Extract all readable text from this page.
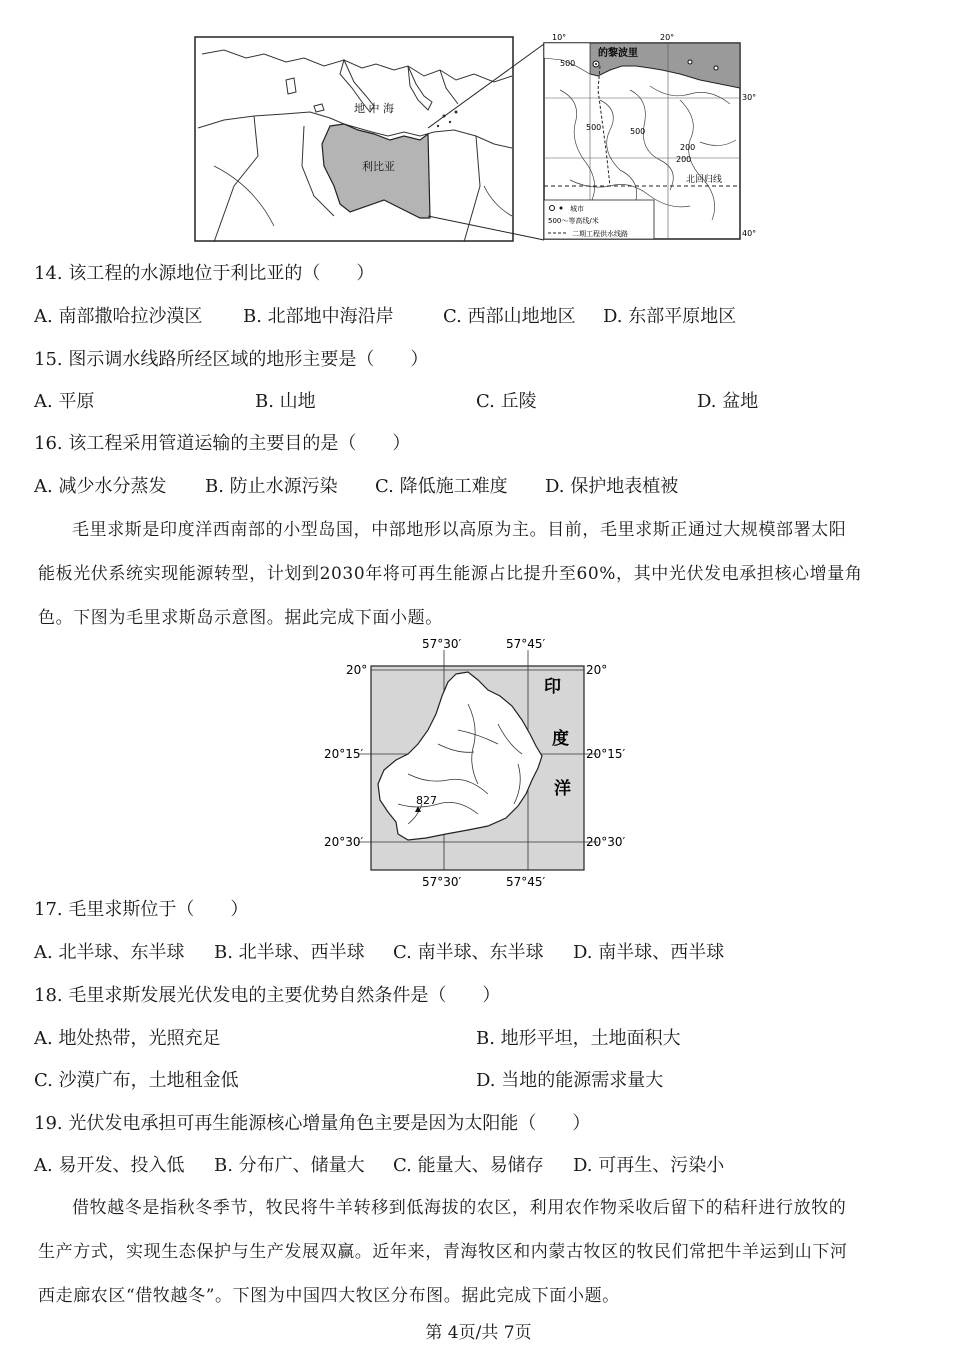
地 中 海
利比亚
10°	20°
30°
40°
的黎波里
500
500
200
200
500
北回归线
城市
500～等高线/米
二期工程供水线路
14. 该工程的水源地位于利比亚的（　　）
A. 南部撒哈拉沙漠区 B. 北部地中海沿岸	C. 西部山地地区 D. 东部平原地区
15. 图示调水线路所经区域的地形主要是（　　）
A. 平原	B. 山地	C. 丘陵	D. 盆地
16. 该工程采用管道运输的主要目的是（　　）
A. 减少水分蒸发 B. 防止水源污染 C. 降低施工难度 D. 保护地表植被

毛里求斯是印度洋西南部的小型岛国，中部地形以高原为主。目前，毛里求斯正通过大规模部署太阳

能板光伏系统实现能源转型，计划到2030年将可再生能源占比提升至60%，其中光伏发电承担核心增量角

色。下图为毛里求斯岛示意图。据此完成下面小题。

57°30′	57°45′
57°30′	57°45′
20°
20°15′
20°30′
20°
20°15′
20°30′
827
印
度
洋
17. 毛里求斯位于（　　）
A. 北半球、东半球 B. 北半球、西半球 C. 南半球、东半球 D. 南半球、西半球
18. 毛里求斯发展光伏发电的主要优势自然条件是（　　）
A. 地处热带，光照充足	B. 地形平坦，土地面积大
C. 沙漠广布，土地租金低	D. 当地的能源需求量大
19. 光伏发电承担可再生能源核心增量角色主要是因为太阳能（　　）
A. 易开发、投入低 B. 分布广、储量大 C. 能量大、易储存 D. 可再生、污染小

借牧越冬是指秋冬季节，牧民将牛羊转移到低海拔的农区，利用农作物采收后留下的秸秆进行放牧的

生产方式，实现生态保护与生产发展双赢。近年来，青海牧区和内蒙古牧区的牧民们常把牛羊运到山下河

西走廊农区“借牧越冬”。下图为中国四大牧区分布图。据此完成下面小题。

第 4页/共 7页
